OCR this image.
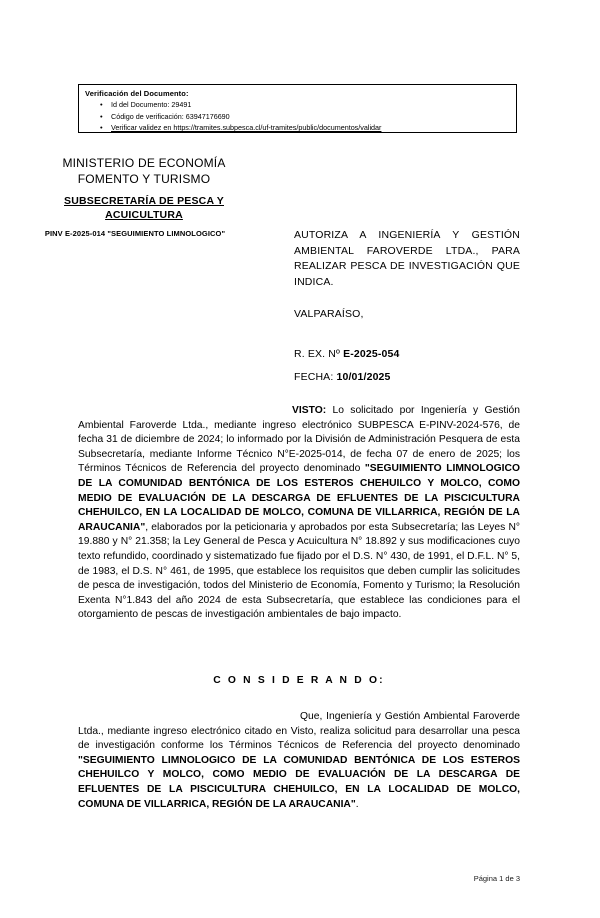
Verificación del Documento:
• Id del Documento: 29491
• Código de verificación: 63947176690
• Verificar validez en https://tramites.subpesca.cl/uf-tramites/public/documentos/validar
MINISTERIO DE ECONOMÍA
FOMENTO Y TURISMO
SUBSECRETARÍA DE PESCA Y
ACUICULTURA
PINV E-2025-014 "SEGUIMIENTO LIMNOLOGICO"	AUTORIZA A INGENIERÍA Y GESTIÓN AMBIENTAL FAROVERDE LTDA., PARA REALIZAR PESCA DE INVESTIGACIÓN QUE INDICA.
VALPARAÍSO,
R. EX. Nº E-2025-054
FECHA: 10/01/2025

VISTO: Lo solicitado por Ingeniería y Gestión Ambiental Faroverde Ltda., mediante ingreso electrónico SUBPESCA E-PINV-2024-576, de fecha 31 de diciembre de 2024; lo informado por la División de Administración Pesquera de esta Subsecretaría, mediante Informe Técnico N°E-2025-014, de fecha 07 de enero de 2025; los Términos Técnicos de Referencia del proyecto denominado "SEGUIMIENTO LIMNOLOGICO DE LA COMUNIDAD BENTÓNICA DE LOS ESTEROS CHEHUILCO Y MOLCO, COMO MEDIO DE EVALUACIÓN DE LA DESCARGA DE EFLUENTES DE LA PISCICULTURA CHEHUILCO, EN LA LOCALIDAD DE MOLCO, COMUNA DE VILLARRICA, REGIÓN DE LA ARAUCANIA", elaborados por la peticionaria y aprobados por esta Subsecretaría; las Leyes N° 19.880 y N° 21.358; la Ley General de Pesca y Acuicultura N° 18.892 y sus modificaciones cuyo texto refundido, coordinado y sistematizado fue fijado por el D.S. N° 430, de 1991, el D.F.L. N° 5, de 1983, el D.S. N° 461, de 1995, que establece los requisitos que deben cumplir las solicitudes de pesca de investigación, todos del Ministerio de Economía, Fomento y Turismo; la Resolución Exenta N°1.843 del año 2024 de esta Subsecretaría, que establece las condiciones para el otorgamiento de pescas de investigación ambientales de bajo impacto.

C O N S I D E R A N D O:

Que, Ingeniería y Gestión Ambiental Faroverde Ltda., mediante ingreso electrónico citado en Visto, realiza solicitud para desarrollar una pesca de investigación conforme los Términos Técnicos de Referencia del proyecto denominado "SEGUIMIENTO LIMNOLOGICO DE LA COMUNIDAD BENTÓNICA DE LOS ESTEROS CHEHUILCO Y MOLCO, COMO MEDIO DE EVALUACIÓN DE LA DESCARGA DE EFLUENTES DE LA PISCICULTURA CHEHUILCO, EN LA LOCALIDAD DE MOLCO, COMUNA DE VILLARRICA, REGIÓN DE LA ARAUCANIA".

Página 1 de 3
